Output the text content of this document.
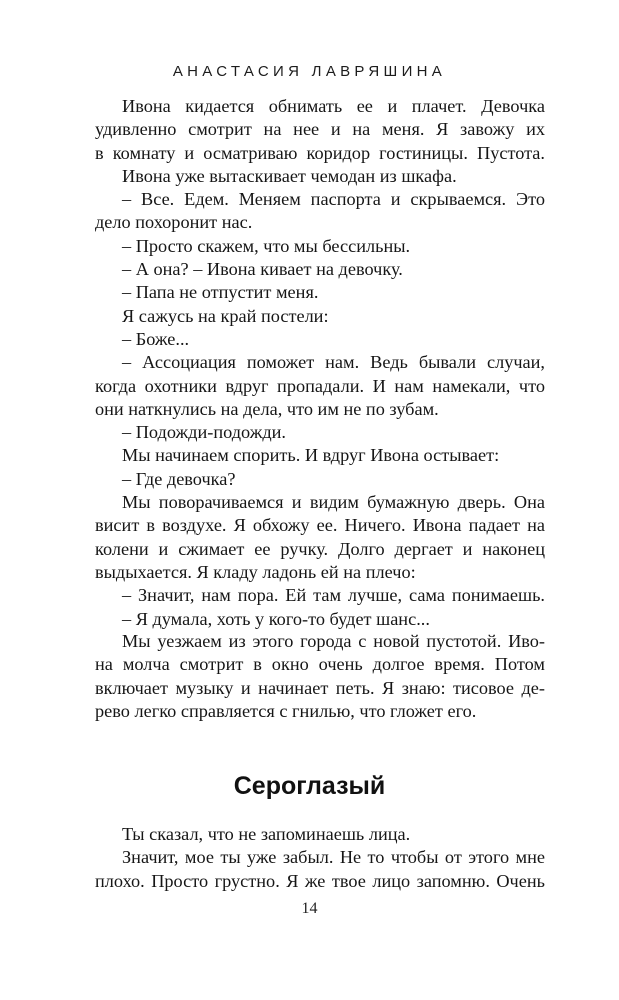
АНАСТАСИЯ ЛАВРЯШИНА
Ивона кидается обнимать ее и плачет. Девочка
удивленно смотрит на нее и на меня. Я завожу их
в комнату и осматриваю коридор гостиницы. Пустота.
Ивона уже вытаскивает чемодан из шкафа.
– Все. Едем. Меняем паспорта и скрываемся. Это
дело похоронит нас.
– Просто скажем, что мы бессильны.
– А она? – Ивона кивает на девочку.
– Папа не отпустит меня.
Я сажусь на край постели:
– Боже...
– Ассоциация поможет нам. Ведь бывали случаи,
когда охотники вдруг пропадали. И нам намекали, что
они наткнулись на дела, что им не по зубам.
– Подожди-подожди.
Мы начинаем спорить. И вдруг Ивона остывает:
– Где девочка?
Мы поворачиваемся и видим бумажную дверь. Она
висит в воздухе. Я обхожу ее. Ничего. Ивона падает на
колени и сжимает ее ручку. Долго дергает и наконец
выдыхается. Я кладу ладонь ей на плечо:
– Значит, нам пора. Ей там лучше, сама понимаешь.
– Я думала, хоть у кого-то будет шанс...
Мы уезжаем из этого города с новой пустотой. Иво-
на молча смотрит в окно очень долгое время. Потом
включает музыку и начинает петь. Я знаю: тисовое де-
рево легко справляется с гнилью, что гложет его.
Сероглазый
Ты сказал, что не запоминаешь лица.
Значит, мое ты уже забыл. Не то чтобы от этого мне
плохо. Просто грустно. Я же твое лицо запомню. Очень
14
